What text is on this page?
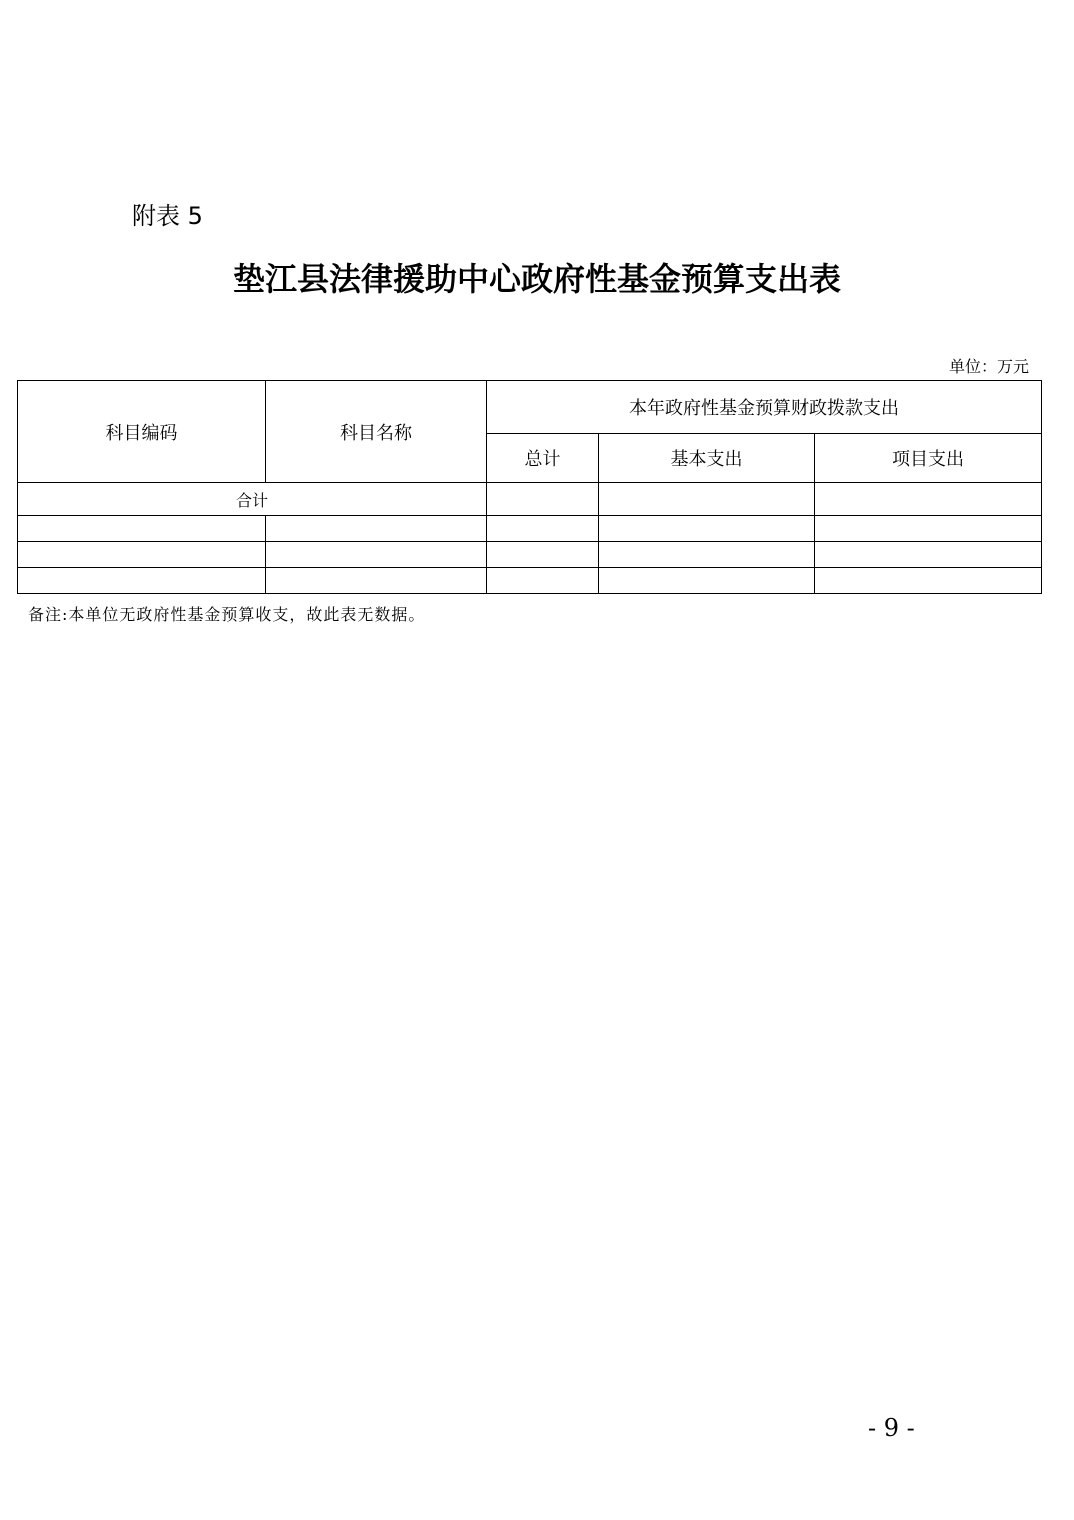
附表 5
垫江县法律援助中心政府性基金预算支出表
单位：万元
科目编码	科目名称	本年政府性基金预算财政拨款支出		
		总计	基本支出	项目支出
合计				

备注:本单位无政府性基金预算收支，故此表无数据。
- 9 -
